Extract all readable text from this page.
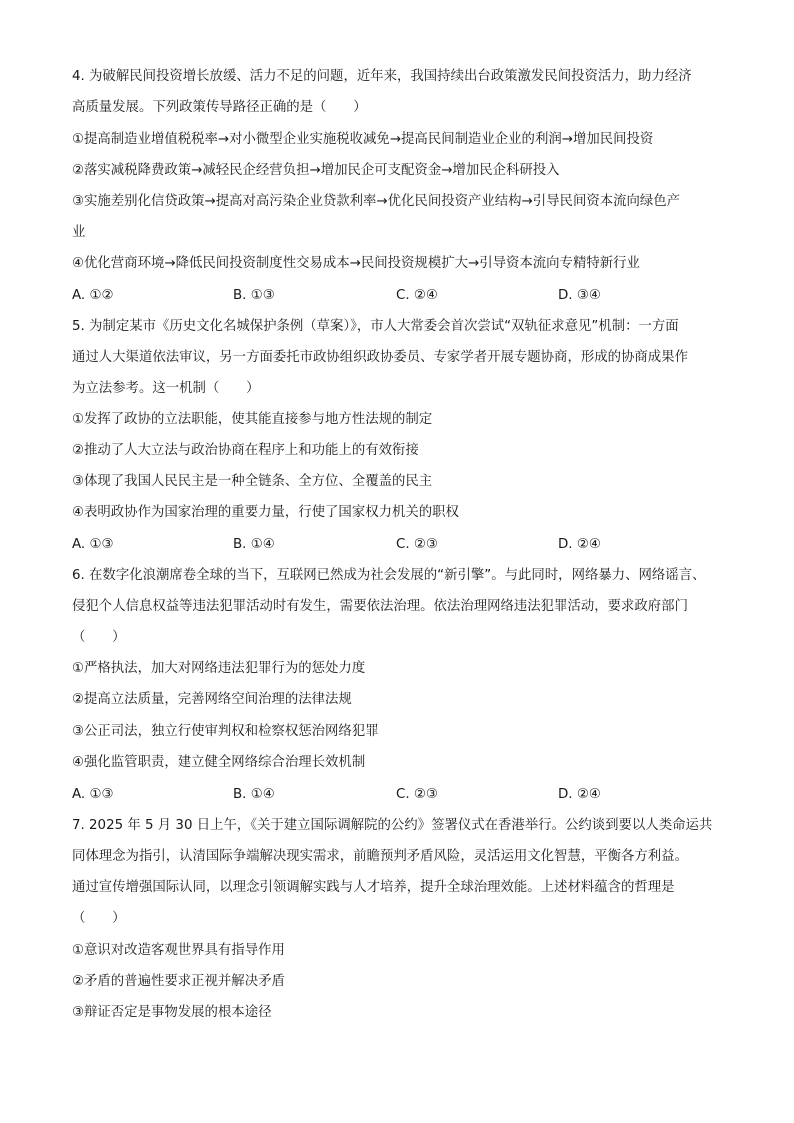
4. 为破解民间投资增长放缓、活力不足的问题，近年来，我国持续出台政策激发民间投资活力，助力经济
高质量发展。下列政策传导路径正确的是（　　）
①提高制造业增值税税率→对小微型企业实施税收减免→提高民间制造业企业的利润→增加民间投资
②落实减税降费政策→减轻民企经营负担→增加民企可支配资金→增加民企科研投入
③实施差别化信贷政策→提高对高污染企业贷款利率→优化民间投资产业结构→引导民间资本流向绿色产
业
④优化营商环境→降低民间投资制度性交易成本→民间投资规模扩大→引导资本流向专精特新行业
A. ①②	B. ①③	C. ②④	D. ③④
5. 为制定某市《历史文化名城保护条例（草案）》，市人大常委会首次尝试“双轨征求意见”机制：一方面
通过人大渠道依法审议，另一方面委托市政协组织政协委员、专家学者开展专题协商，形成的协商成果作
为立法参考。这一机制（　　）
①发挥了政协的立法职能，使其能直接参与地方性法规的制定
②推动了人大立法与政治协商在程序上和功能上的有效衔接
③体现了我国人民民主是一种全链条、全方位、全覆盖的民主
④表明政协作为国家治理的重要力量，行使了国家权力机关的职权
A. ①③	B. ①④	C. ②③	D. ②④
6. 在数字化浪潮席卷全球的当下，互联网已然成为社会发展的“新引擎”。与此同时，网络暴力、网络谣言、
侵犯个人信息权益等违法犯罪活动时有发生，需要依法治理。依法治理网络违法犯罪活动，要求政府部门
（　　）
①严格执法，加大对网络违法犯罪行为的惩处力度
②提高立法质量，完善网络空间治理的法律法规
③公正司法，独立行使审判权和检察权惩治网络犯罪
④强化监管职责，建立健全网络综合治理长效机制
A. ①③	B. ①④	C. ②③	D. ②④
7. 2025 年 5 月 30 日上午，《关于建立国际调解院的公约》签署仪式在香港举行。公约谈到要以人类命运共
同体理念为指引，认清国际争端解决现实需求，前瞻预判矛盾风险，灵活运用文化智慧，平衡各方利益。
通过宣传增强国际认同，以理念引领调解实践与人才培养，提升全球治理效能。上述材料蕴含的哲理是
（　　）
①意识对改造客观世界具有指导作用
②矛盾的普遍性要求正视并解决矛盾
③辩证否定是事物发展的根本途径
